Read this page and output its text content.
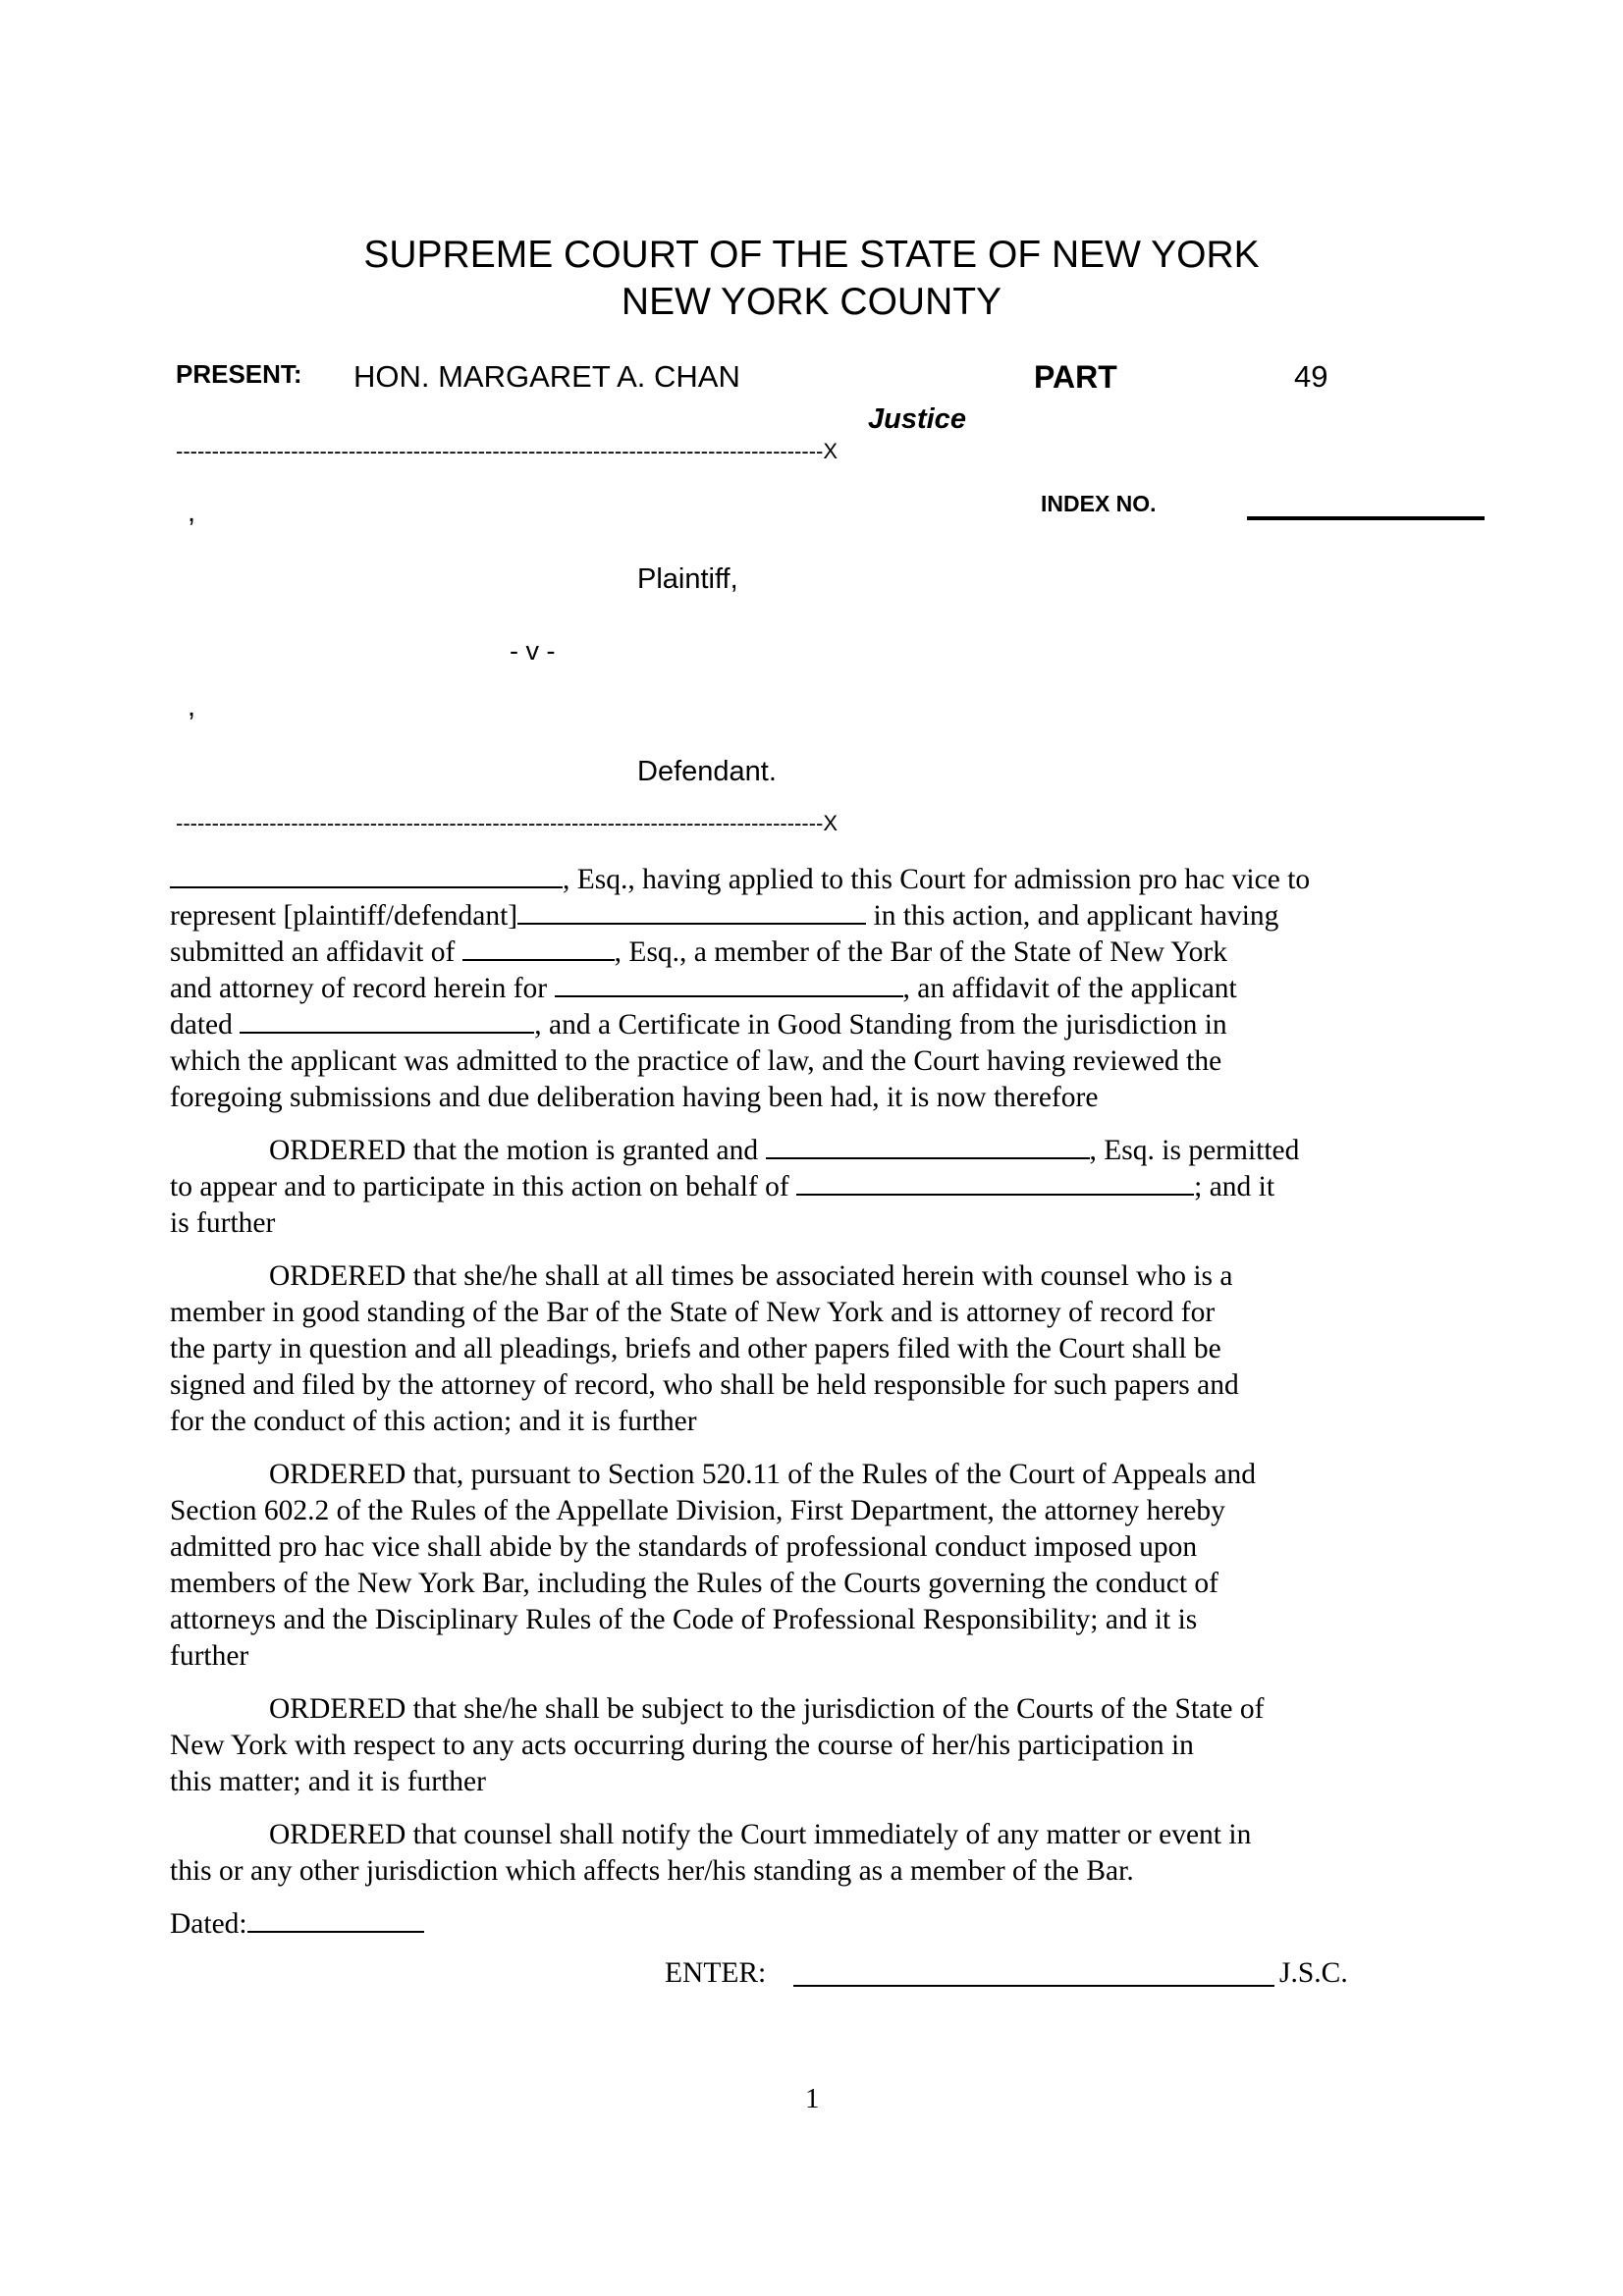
SUPREME COURT OF THE STATE OF NEW YORK
NEW YORK COUNTY
PRESENT: HON. MARGARET A. CHAN	PART	49
Justice
------------------------------------------------------------------------------------------X
INDEX NO.
,
Plaintiff,
- v -
,
Defendant.
------------------------------------------------------------------------------------------X
, Esq., having applied to this Court for admission pro hac vice to
represent [plaintiff/defendant]	in this action, and applicant having
submitted an affidavit of	, Esq., a member of the Bar of the State of New York
and attorney of record herein for	, an affidavit of the applicant
dated	, and a Certificate in Good Standing from the jurisdiction in
which the applicant was admitted to the practice of law, and the Court having reviewed the
foregoing submissions and due deliberation having been had, it is now therefore
ORDERED that the motion is granted and	, Esq. is permitted
to appear and to participate in this action on behalf of	; and it
is further
ORDERED that she/he shall at all times be associated herein with counsel who is a
member in good standing of the Bar of the State of New York and is attorney of record for
the party in question and all pleadings, briefs and other papers filed with the Court shall be
signed and filed by the attorney of record, who shall be held responsible for such papers and
for the conduct of this action; and it is further
ORDERED that, pursuant to Section 520.11 of the Rules of the Court of Appeals and
Section 602.2 of the Rules of the Appellate Division, First Department, the attorney hereby
admitted pro hac vice shall abide by the standards of professional conduct imposed upon
members of the New York Bar, including the Rules of the Courts governing the conduct of
attorneys and the Disciplinary Rules of the Code of Professional Responsibility; and it is
further
ORDERED that she/he shall be subject to the jurisdiction of the Courts of the State of
New York with respect to any acts occurring during the course of her/his participation in
this matter; and it is further
ORDERED that counsel shall notify the Court immediately of any matter or event in
this or any other jurisdiction which affects her/his standing as a member of the Bar.
Dated:
ENTER:	J.S.C.
1
